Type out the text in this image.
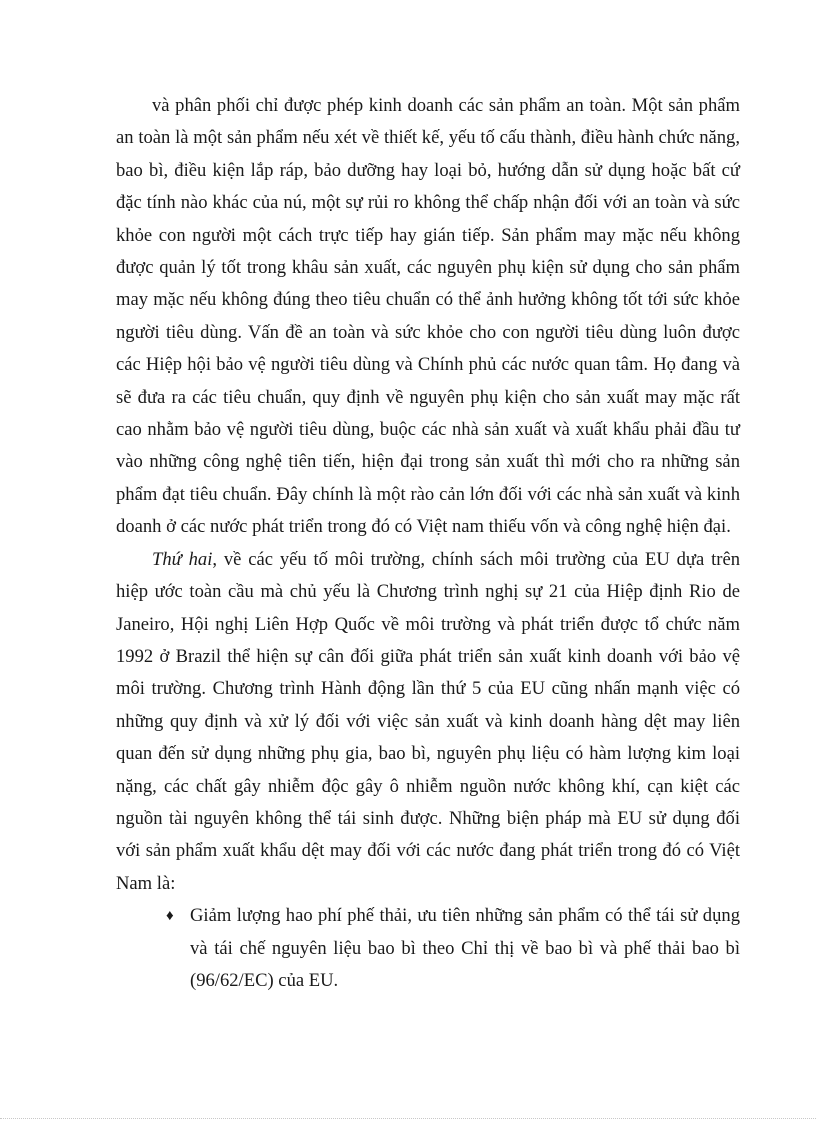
và phân phối chỉ được phép kinh doanh các sản phẩm an toàn. Một sản phẩm an toàn là một sản phẩm nếu xét về thiết kế, yếu tố cấu thành, điều hành chức năng, bao bì, điều kiện lắp ráp, bảo dưỡng hay loại bỏ, hướng dẫn sử dụng hoặc bất cứ đặc tính nào khác của nú, một sự rủi ro không thể chấp nhận đối với an toàn và sức khỏe con người một cách trực tiếp hay gián tiếp. Sản phẩm may mặc nếu không được quản lý tốt trong khâu sản xuất, các nguyên phụ kiện sử dụng cho sản phẩm may mặc nếu không đúng theo tiêu chuẩn có thể ảnh hưởng không tốt tới sức khỏe người tiêu dùng. Vấn đề an toàn và sức khỏe cho con người tiêu dùng luôn được các Hiệp hội bảo vệ người tiêu dùng và Chính phủ các nước quan tâm. Họ đang và sẽ đưa ra các tiêu chuẩn, quy định về nguyên phụ kiện cho sản xuất may mặc rất cao nhằm bảo vệ người tiêu dùng, buộc các nhà sản xuất và xuất khẩu phải đầu tư vào những công nghệ tiên tiến, hiện đại trong sản xuất thì mới cho ra những sản phẩm đạt tiêu chuẩn. Đây chính là một rào cản lớn đối với các nhà sản xuất và kinh doanh ở các nước phát triển trong đó có Việt nam thiếu vốn và công nghệ hiện đại.

Thứ hai, về các yếu tố môi trường, chính sách môi trường của EU dựa trên hiệp ước toàn cầu mà chủ yếu là Chương trình nghị sự 21 của Hiệp định Rio de Janeiro, Hội nghị Liên Hợp Quốc về môi trường và phát triển được tổ chức năm 1992 ở Brazil thể hiện sự cân đối giữa phát triển sản xuất kinh doanh với bảo vệ môi trường. Chương trình Hành động lần thứ 5 của EU cũng nhấn mạnh việc có những quy định và xử lý đối với việc sản xuất và kinh doanh hàng dệt may liên quan đến sử dụng những phụ gia, bao bì, nguyên phụ liệu có hàm lượng kim loại nặng, các chất gây nhiễm độc gây ô nhiễm nguồn nước không khí, cạn kiệt các nguồn tài nguyên không thể tái sinh được. Những biện pháp mà EU sử dụng đối với sản phẩm xuất khẩu dệt may đối với các nước đang phát triển trong đó có Việt Nam là:

♦ Giảm lượng hao phí phế thải, ưu tiên những sản phẩm có thể tái sử dụng và tái chế nguyên liệu bao bì theo Chỉ thị về bao bì và phế thải bao bì (96/62/EC) của EU.
